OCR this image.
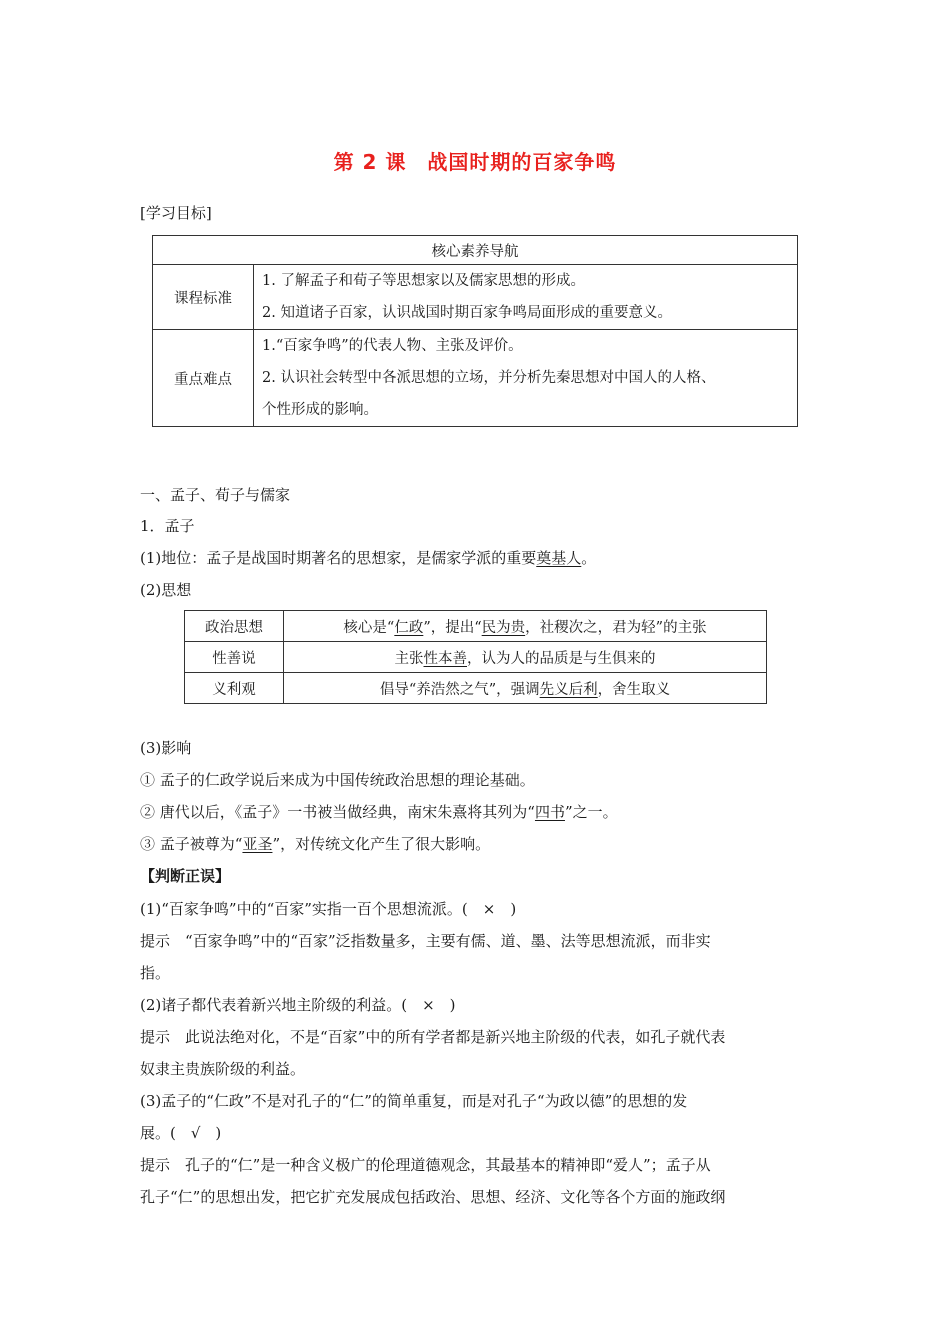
第 2 课　战国时期的百家争鸣
[学习目标]
核心素养导航	
课程标准	1. 了解孟子和荀子等思想家以及儒家思想的形成。

2. 知道诸子百家，认识战国时期百家争鸣局面形成的重要意义。

重点难点	1.“百家争鸣”的代表人物、主张及评价。

2. 认识社会转型中各派思想的立场，并分析先秦思想对中国人的人格、

个性形成的影响。

一、孟子、荀子与儒家
1．孟子
(1)地位：孟子是战国时期著名的思想家，是儒家学派的重要奠基人。
(2)思想
政治思想	核心是“仁政”，提出“民为贵，社稷次之，君为轻”的主张
性善说	主张性本善，认为人的品质是与生俱来的
义利观	倡导“养浩然之气”，强调先义后利，舍生取义
(3)影响
① 孟子的仁政学说后来成为中国传统政治思想的理论基础。
② 唐代以后，《孟子》一书被当做经典，南宋朱熹将其列为“四书”之一。
③ 孟子被尊为“亚圣”，对传统文化产生了很大影响。
【判断正误】
(1)“百家争鸣”中的“百家”实指一百个思想流派。(　×　)
提示　“百家争鸣”中的“百家”泛指数量多，主要有儒、道、墨、法等思想流派，而非实
指。
(2)诸子都代表着新兴地主阶级的利益。(　×　)
提示　此说法绝对化，不是“百家”中的所有学者都是新兴地主阶级的代表，如孔子就代表
奴隶主贵族阶级的利益。
(3)孟子的“仁政”不是对孔子的“仁”的简单重复，而是对孔子“为政以德”的思想的发
展。(　√　)
提示　孔子的“仁”是一种含义极广的伦理道德观念，其最基本的精神即“爱人”；孟子从
孔子“仁”的思想出发，把它扩充发展成包括政治、思想、经济、文化等各个方面的施政纲
